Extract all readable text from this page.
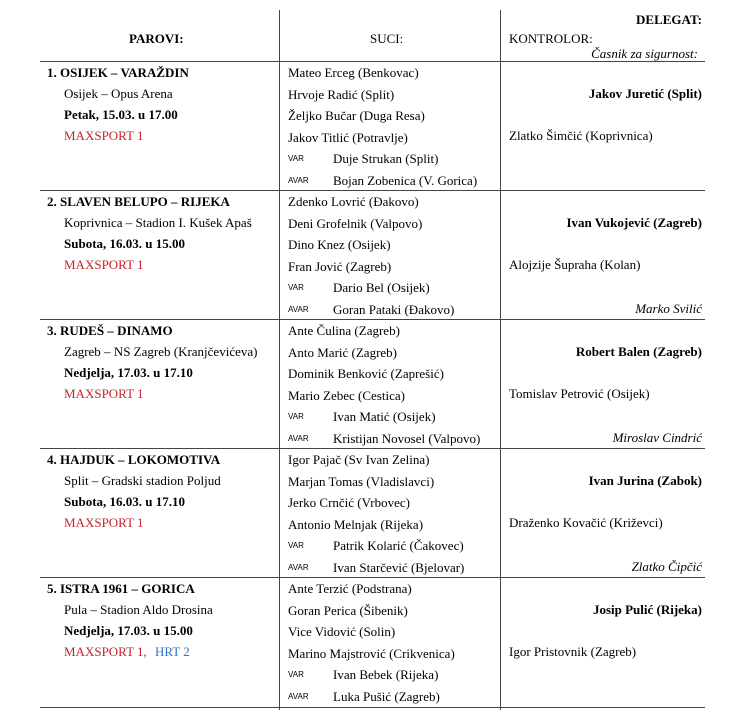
PAROVI:	SUCI:	KONTROLOR:
DELEGAT:
Časnik za sigurnost:
1. OSIJEK – VARAŽDIN
Osijek – Opus Arena
Petak, 15.03. u 17.00
MAXSPORT 1
Mateo Erceg (Benkovac)
Hrvoje Radić (Split)
Željko Bučar (Duga Resa)
Jakov Titlić (Potravlje)
VAR Duje Strukan (Split)
AVAR Bojan Zobenica (V. Gorica)
Jakov Juretić (Split)
Zlatko Šimčić (Koprivnica)
2. SLAVEN BELUPO – RIJEKA
Koprivnica – Stadion I. Kušek Apaš
Subota, 16.03. u 15.00
MAXSPORT 1
Zdenko Lovrić (Đakovo)
Deni Grofelnik (Valpovo)
Dino Knez (Osijek)
Fran Jović (Zagreb)
VAR Dario Bel (Osijek)
AVAR Goran Pataki (Đakovo)
Ivan Vukojević (Zagreb)
Alojzije Šupraha (Kolan)
Marko Svilić
3. RUDEŠ – DINAMO
Zagreb – NS Zagreb (Kranjčevićeva)
Nedjelja, 17.03. u 17.10
MAXSPORT 1
Ante Čulina (Zagreb)
Anto Marić (Zagreb)
Dominik Benković (Zaprešić)
Mario Zebec (Cestica)
VAR Ivan Matić (Osijek)
AVAR Kristijan Novosel (Valpovo)
Robert Balen (Zagreb)
Tomislav Petrović (Osijek)
Miroslav Cindrić
4. HAJDUK – LOKOMOTIVA
Split – Gradski stadion Poljud
Subota, 16.03. u 17.10
MAXSPORT 1
Igor Pajač (Sv Ivan Zelina)
Marjan Tomas (Vladislavci)
Jerko Crnčić (Vrbovec)
Antonio Melnjak (Rijeka)
VAR Patrik Kolarić (Čakovec)
AVAR Ivan Starčević (Bjelovar)
Ivan Jurina (Zabok)
Draženko Kovačić (Križevci)
Zlatko Čipčić
5. ISTRA 1961 – GORICA
Pula – Stadion Aldo Drosina
Nedjelja, 17.03. u 15.00
MAXSPORT 1, HRT 2
Ante Terzić (Podstrana)
Goran Perica (Šibenik)
Vice Vidović (Solin)
Marino Majstrović (Crikvenica)
VAR Ivan Bebek (Rijeka)
AVAR Luka Pušić (Zagreb)
Josip Pulić (Rijeka)
Igor Pristovnik (Zagreb)
